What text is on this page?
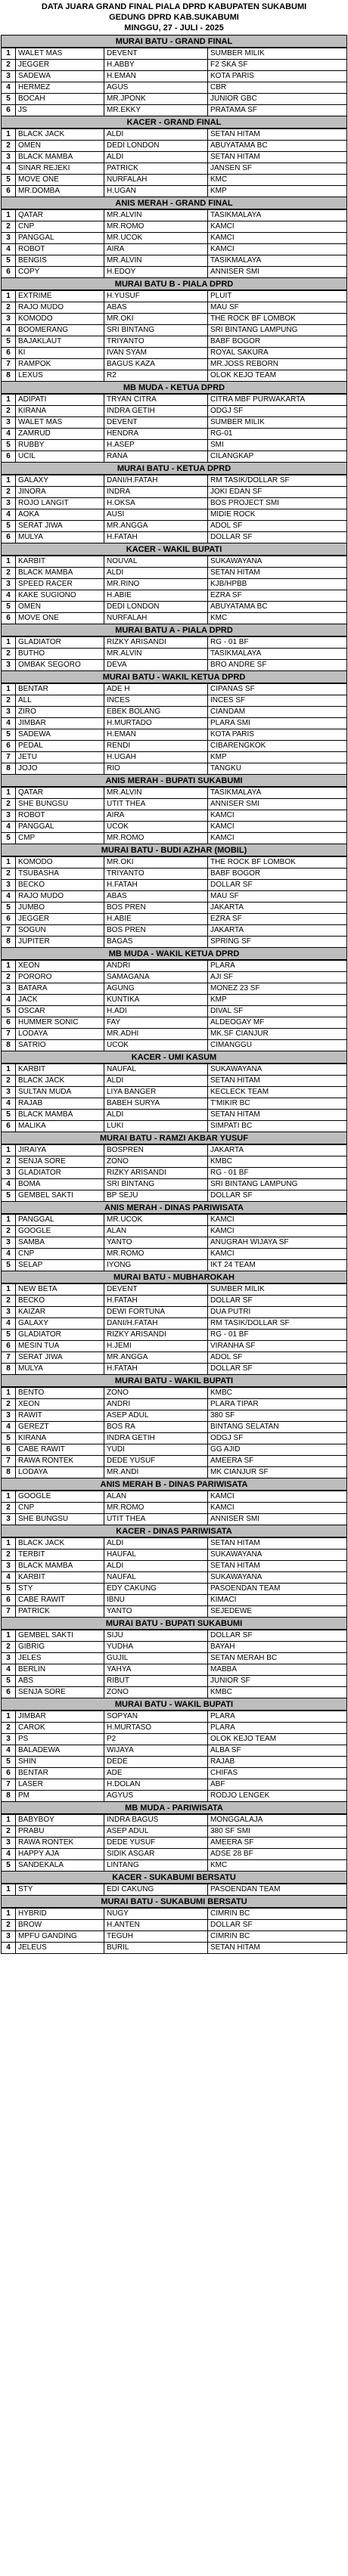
DATA JUARA GRAND FINAL PIALA DPRD KABUPATEN SUKABUMI
GEDUNG DPRD KAB.SUKABUMI
MINGGU, 27 - JULI - 2025
MURAI BATU - GRAND FINAL
1	WALET MAS	DEVENT	SUMBER MILIK
2	JEGGER	H.ABBY	F2 SKA SF
3	SADEWA	H.EMAN	KOTA PARIS
4	HERMEZ	AGUS	CBR
5	BOCAH	MR.JPONK	JUNIOR GBC
6	JS	MR.EKKY	PRATAMA SF
KACER - GRAND FINAL
1	BLACK JACK	ALDI	SETAN HITAM
2	OMEN	DEDI LONDON	ABUYATAMA BC
3	BLACK MAMBA	ALDI	SETAN HITAM
4	SINAR REJEKI	PATRICK	JANSEN SF
5	MOVE ONE	NURFALAH	KMC
6	MR.DOMBA	H.UGAN	KMP
ANIS MERAH - GRAND FINAL
1	QATAR	MR.ALVIN	TASIKMALAYA
2	CNP	MR.ROMO	KAMCI
3	PANGGAL	MR.UCOK	KAMCI
4	ROBOT	AIRA	KAMCI
5	BENGIS	MR.ALVIN	TASIKMALAYA
6	COPY	H.EDOY	ANNISER SMI
MURAI BATU B - PIALA DPRD
1	EXTRIME	H.YUSUF	PLUIT
2	RAJO MUDO	ABAS	MAU SF
3	KOMODO	MR.OKI	THE ROCK BF LOMBOK
4	BOOMERANG	SRI BINTANG	SRI BINTANG LAMPUNG
5	BAJAKLAUT	TRIYANTO	BABF BOGOR
6	KI	IVAN SYAM	ROYAL SAKURA
7	RAMPOK	BAGUS KAZA	MR.JOSS REBORN
8	LEXUS	R2	OLOK KEJO TEAM
MB MUDA - KETUA DPRD
1	ADIPATI	TRYAN CITRA	CITRA MBF PURWAKARTA
2	KIRANA	INDRA GETIH	ODGJ SF
3	WALET MAS	DEVENT	SUMBER MILIK
4	ZAMRUD	HENDRA	RG-01
5	RUBBY	H.ASEP	SMI
6	UCIL	RANA	CILANGKAP
MURAI BATU - KETUA DPRD
1	GALAXY	DANI/H.FATAH	RM TASIK/DOLLAR SF
2	JINORA	INDRA	JOKI EDAN SF
3	ROJO LANGIT	H.OKSA	BOS PROJECT SMI
4	AOKA	AUSI	MIDIE ROCK
5	SERAT JIWA	MR.ANGGA	ADOL SF
6	MULYA	H.FATAH	DOLLAR SF
KACER - WAKIL BUPATI
1	KARBIT	NOUVAL	SUKAWAYANA
2	BLACK MAMBA	ALDI	SETAN HITAM
3	SPEED RACER	MR.RINO	KJB/HPBB
4	KAKE SUGIONO	H.ABIE	EZRA SF
5	OMEN	DEDI LONDON	ABUYATAMA BC
6	MOVE ONE	NURFALAH	KMC
MURAI BATU A - PIALA DPRD
1	GLADIATOR	RIZKY ARISANDI	RG - 01 BF
2	BUTHO	MR.ALVIN	TASIKMALAYA
3	OMBAK SEGORO	DEVA	BRO ANDRE SF
MURAI BATU - WAKIL KETUA DPRD
1	BENTAR	ADE H	CIPANAS SF
2	ALL	INCES	INCES SF
3	ZIRO	EBEK BOLANG	CIANDAM
4	JIMBAR	H.MURTADO	PLARA SMI
5	SADEWA	H.EMAN	KOTA PARIS
6	PEDAL	RENDI	CIBARENGKOK
7	JETU	H.UGAH	KMP
8	JOJO	RIO	TANGKU
ANIS MERAH - BUPATI SUKABUMI
1	QATAR	MR.ALVIN	TASIKMALAYA
2	SHE BUNGSU	UTIT THEA	ANNISER SMI
3	ROBOT	AIRA	KAMCI
4	PANGGAL	UCOK	KAMCI
5	CMP	MR.ROMO	KAMCI
MURAI BATU - BUDI AZHAR (MOBIL)
1	KOMODO	MR.OKI	THE ROCK BF LOMBOK
2	TSUBASHA	TRIYANTO	BABF BOGOR
3	BECKO	H.FATAH	DOLLAR SF
4	RAJO MUDO	ABAS	MAU SF
5	JUMBO	BOS PREN	JAKARTA
6	JEGGER	H.ABIE	EZRA SF
7	SOGUN	BOS PREN	JAKARTA
8	JUPITER	BAGAS	SPRING SF
MB MUDA - WAKIL KETUA DPRD
1	XEON	ANDRI	PLARA
2	PORORO	SAMAGANA	AJI SF
3	BATARA	AGUNG	MONEZ 23 SF
4	JACK	KUNTIKA	KMP
5	OSCAR	H.ADI	DIVAL SF
6	HUMMER SONIC	FAY	ALDEOGAY MF
7	LODAYA	MR.ADHI	MK.SF CIANJUR
8	SATRIO	UCOK	CIMANGGU
KACER - UMI KASUM
1	KARBIT	NAUFAL	SUKAWAYANA
2	BLACK JACK	ALDI	SETAN HITAM
3	SULTAN MUDA	LIYA BANGER	KECLECK TEAM
4	RAJAB	BABEH SURYA	T'MIKIR BC
5	BLACK MAMBA	ALDI	SETAN HITAM
6	MALIKA	LUKI	SIMPATI BC
MURAI BATU - RAMZI AKBAR YUSUF
1	JIRAIYA	BOSPREN	JAKARTA
2	SENJA SORE	ZONO	KMBC
3	GLADIATOR	RIZKY ARISANDI	RG - 01 BF
4	BOMA	SRI BINTANG	SRI BINTANG LAMPUNG
5	GEMBEL SAKTI	BP SEJU	DOLLAR SF
ANIS MERAH - DINAS PARIWISATA
1	PANGGAL	MR.UCOK	KAMCI
2	GOOGLE	ALAN	KAMCI
3	SAMBA	YANTO	ANUGRAH WIJAYA SF
4	CNP	MR.ROMO	KAMCI
5	SELAP	IYONG	IKT 24 TEAM
MURAI BATU - MUBHAROKAH
1	NEW BETA	DEVENT	SUMBER MILIK
2	BECKO	H.FATAH	DOLLAR SF
3	KAIZAR	DEWI FORTUNA	DUA PUTRI
4	GALAXY	DANI/H.FATAH	RM TASIK/DOLLAR SF
5	GLADIATOR	RIZKY ARISANDI	RG - 01 BF
6	MESIN TUA	H.JEMI	VIRANHA SF
7	SERAT JIWA	MR.ANGGA	ADOL SF
8	MULYA	H.FATAH	DOLLAR SF
MURAI BATU - WAKIL BUPATI
1	BENTO	ZONO	KMBC
2	XEON	ANDRI	PLARA TIPAR
3	RAWIT	ASEP ADUL	380 SF
4	GEREZT	BOS RA	BINTANG SELATAN
5	KIRANA	INDRA GETIH	ODGJ SF
6	CABE RAWIT	YUDI	GG AJID
7	RAWA RONTEK	DEDE YUSUF	AMEERA SF
8	LODAYA	MR.ANDI	MK CIANJUR SF
ANIS MERAH B - DINAS PARIWISATA
1	GOOGLE	ALAN	KAMCI
2	CNP	MR.ROMO	KAMCI
3	SHE BUNGSU	UTIT THEA	ANNISER SMI
KACER - DINAS PARIWISATA
1	BLACK JACK	ALDI	SETAN HITAM
2	TERBIT	HAUFAL	SUKAWAYANA
3	BLACK MAMBA	ALDI	SETAN HITAM
4	KARBIT	NAUFAL	SUKAWAYANA
5	STY	EDY CAKUNG	PASOENDAN TEAM
6	CABE RAWIT	IBNU	KIMACI
7	PATRICK	YANTO	SEJEDEWE
MURAI BATU - BUPATI SUKABUMI
1	GEMBEL SAKTI	SIJU	DOLLAR SF
2	GIBRIG	YUDHA	BAYAH
3	JELES	GUJIL	SETAN MERAH BC
4	BERLIN	YAHYA	MABBA
5	ABS	RIBUT	JUNIOR SF
6	SENJA SORE	ZONO	KMBC
MURAI BATU - WAKIL BUPATI
1	JIMBAR	SOPYAN	PLARA
2	CAROK	H.MURTASO	PLARA
3	PS	P2	OLOK KEJO TEAM
4	BALADEWA	WIJAYA	ALBA SF
5	SHIN	DEDE	RAJAB
6	BENTAR	ADE	CHIFAS
7	LASER	H.DOLAN	ABF
8	PM	AGYUS	RODJO LENGEK
MB MUDA - PARIWISATA
1	BABYBOY	INDRA BAGUS	MONGGALAJA
2	PRABU	ASEP ADUL	380 SF SMI
3	RAWA RONTEK	DEDE YUSUF	AMEERA SF
4	HAPPY AJA	SIDIK ASGAR	ADSE 28 BF
5	SANDEKALA	LINTANG	KMC
KACER - SUKABUMI BERSATU
1	STY	EDI CAKUNG	PASOENDAN TEAM
MURAI BATU - SUKABUMI BERSATU
1	HYBRID	NUGY	CIMRIN BC
2	BROW	H.ANTEN	DOLLAR SF
3	MPFU GANDING	TEGUH	CIMRIN BC
4	JELEUS	BURIL	SETAN HITAM
